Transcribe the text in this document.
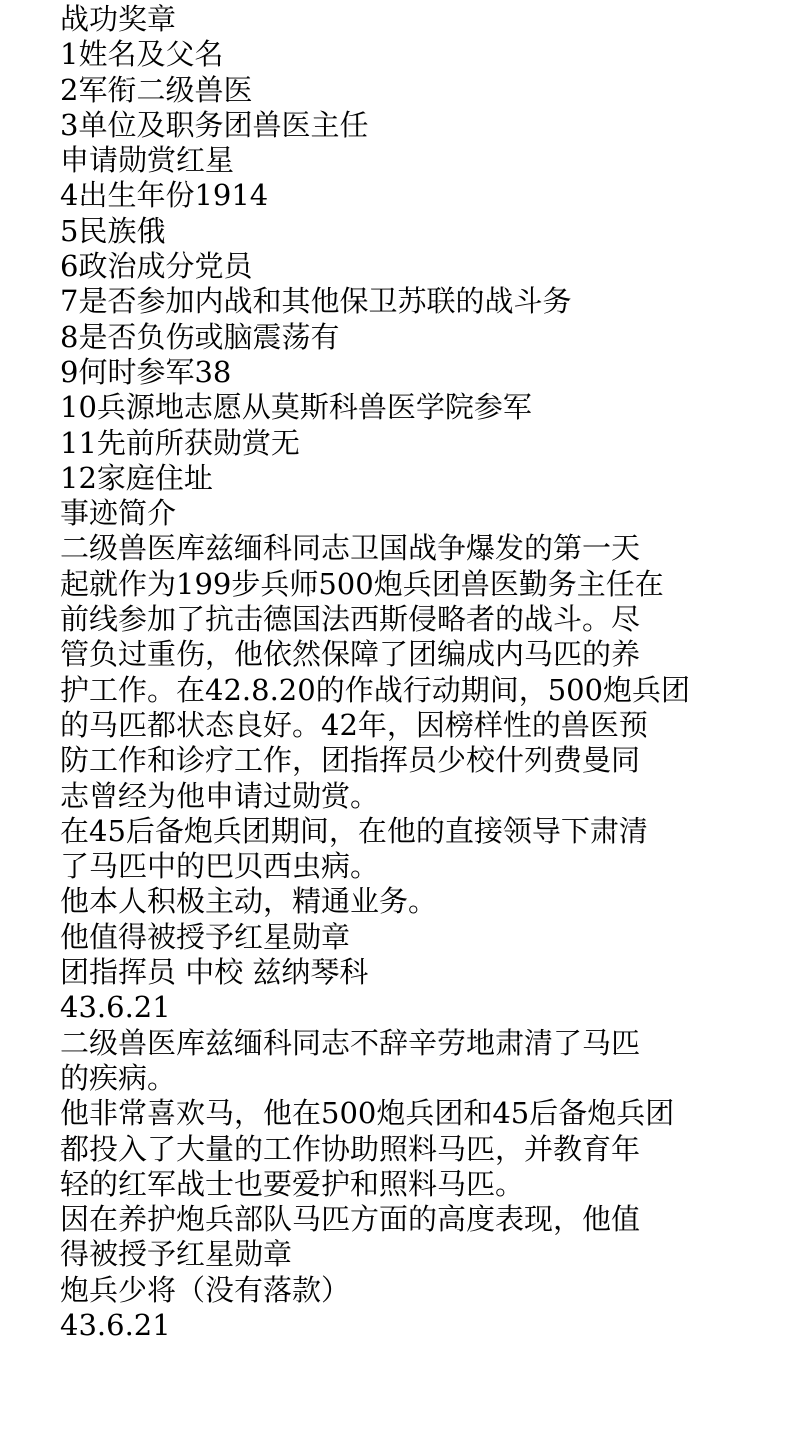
战功奖章
1姓名及父名
2军衔二级兽医
3单位及职务团兽医主任
申请勋赏红星
4出生年份1914
5民族俄
6政治成分党员
7是否参加内战和其他保卫苏联的战斗务
8是否负伤或脑震荡有
9何时参军38
10兵源地志愿从莫斯科兽医学院参军
11先前所获勋赏无
12家庭住址
事迹简介
二级兽医库兹缅科同志卫国战争爆发的第一天
起就作为199步兵师500炮兵团兽医勤务主任在
前线参加了抗击德国法西斯侵略者的战斗。尽
管负过重伤，他依然保障了团编成内马匹的养
护工作。在42.8.20的作战行动期间，500炮兵团
的马匹都状态良好。42年，因榜样性的兽医预
防工作和诊疗工作，团指挥员少校什列费曼同
志曾经为他申请过勋赏。
在45后备炮兵团期间，在他的直接领导下肃清
了马匹中的巴贝西虫病。
他本人积极主动，精通业务。
他值得被授予红星勋章
团指挥员 中校 兹纳琴科
43.6.21
二级兽医库兹缅科同志不辞辛劳地肃清了马匹
的疾病。
他非常喜欢马，他在500炮兵团和45后备炮兵团
都投入了大量的工作协助照料马匹，并教育年
轻的红军战士也要爱护和照料马匹。
因在养护炮兵部队马匹方面的高度表现，他值
得被授予红星勋章
炮兵少将（没有落款）
43.6.21
